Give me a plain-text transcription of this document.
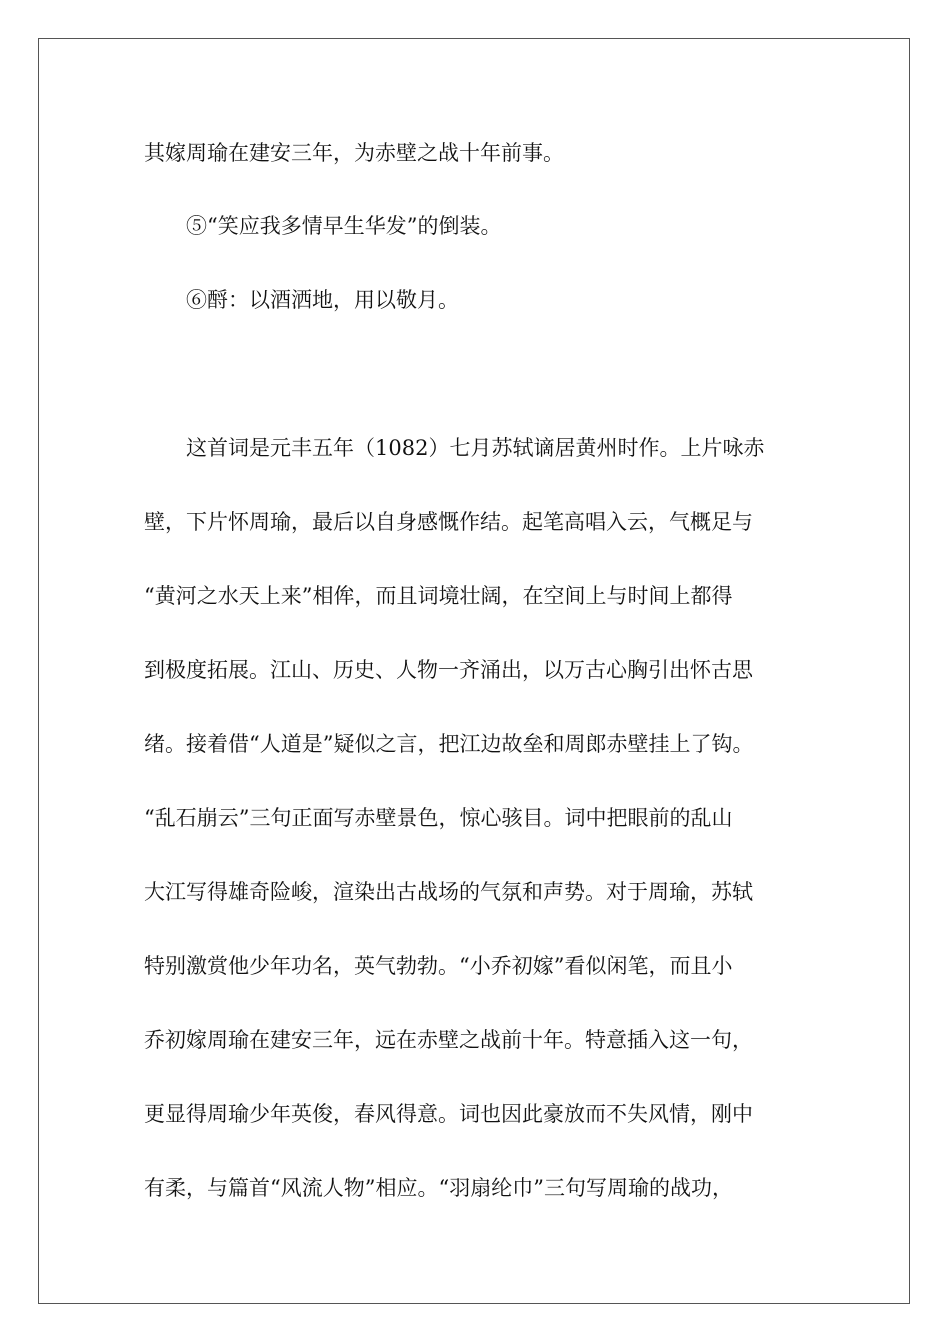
其嫁周瑜在建安三年，为赤壁之战十年前事。
⑤“笑应我多情早生华发”的倒装。
⑥酹：以酒洒地，用以敬月。
这首词是元丰五年（1082）七月苏轼谪居黄州时作。上片咏赤
壁，下片怀周瑜，最后以自身感慨作结。起笔高唱入云，气概足与
“黄河之水天上来”相侔，而且词境壮阔，在空间上与时间上都得
到极度拓展。江山、历史、人物一齐涌出，以万古心胸引出怀古思
绪。接着借“人道是”疑似之言，把江边故垒和周郎赤壁挂上了钩。
“乱石崩云”三句正面写赤壁景色，惊心骇目。词中把眼前的乱山
大江写得雄奇险峻，渲染出古战场的气氛和声势。对于周瑜，苏轼
特别激赏他少年功名，英气勃勃。“小乔初嫁”看似闲笔，而且小
乔初嫁周瑜在建安三年，远在赤壁之战前十年。特意插入这一句，
更显得周瑜少年英俊，春风得意。词也因此豪放而不失风情，刚中
有柔，与篇首“风流人物”相应。“羽扇纶巾”三句写周瑜的战功，
